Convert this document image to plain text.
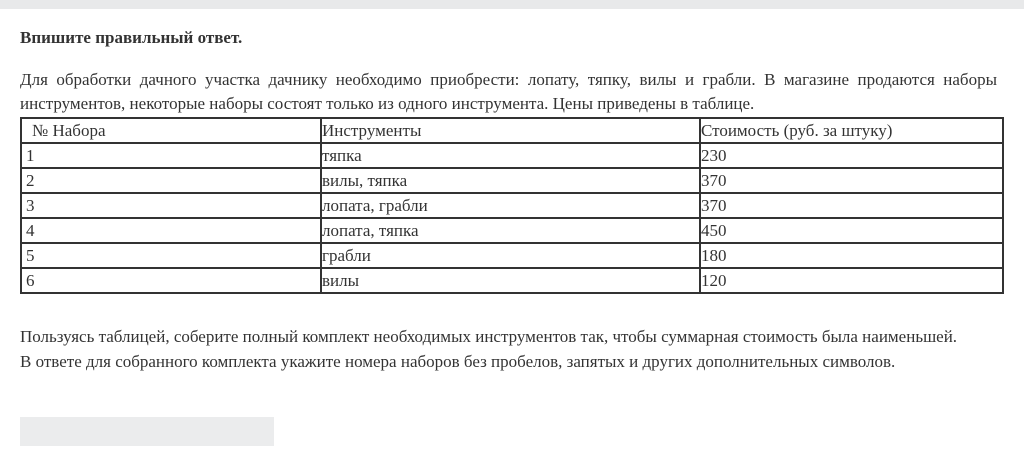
Впишите правильный ответ.

Для обработки дачного участка дачнику необходимо приобрести: лопату, тяпку, вилы и грабли. В магазине продаются наборы инструментов, некоторые наборы состоят только из одного инструмента. Цены приведены в таблице.

№ Набора	Инструменты	Стоимость (руб. за штуку)
1	тяпка	230
2	вилы, тяпка	370
3	лопата, грабли	370
4	лопата, тяпка	450
5	грабли	180
6	вилы	120

Пользуясь таблицей, соберите полный комплект необходимых инструментов так, чтобы суммарная стоимость была наименьшей.

В ответе для собранного комплекта укажите номера наборов без пробелов, запятых и других дополнительных символов.
